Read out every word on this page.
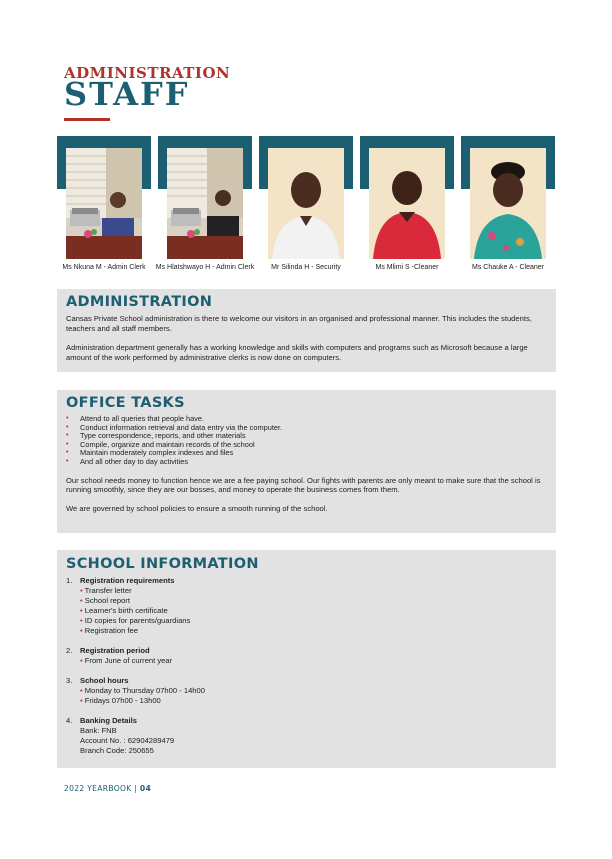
ADMINISTRATION
STAFF
Ms Nkuna M - Admin Clerk	Ms Hlatshwayo H - Admin Clerk	Mr Silinda H - Security	Ms Mlimi S -Cleaner	Ms Chauke A - Cleaner
ADMINISTRATION

Cansas Private School administration is there to welcome our visitors in an organised and professional manner. This includes the students, teachers and all staff members.

Administration department generally has a working knowledge and skills with computers and programs such as Microsoft because a large amount of the work performed by administrative clerks is now done on computers.

OFFICE TASKS
• Attend to all queries that people have.
• Conduct information retrieval and data entry via the computer.
• Type correspondence, reports, and other materials
• Compile, organize and maintain records of the school
• Maintain moderately complex indexes and files
• And all other day to day activities

Our school needs money to function hence we are a fee paying school. Our fights with parents are only meant to make sure that the school is running smoothly, since they are our bosses, and money to operate the business comes from them.

We are governed by school policies to ensure a smooth running of the school.

SCHOOL INFORMATION
1. Registration requirements
• Transfer letter
• School report
• Learner's birth certificate
• ID copies for parents/guardians
• Registration fee
2. Registration period
• From June of current year
3. School hours
• Monday to Thursday 07h00 - 14h00
• Fridays 07h00 - 13h00
4. Banking Details
Bank: FNB
Account No. : 62904289479
Branch Code: 250655
2022 YEARBOOK | 04
